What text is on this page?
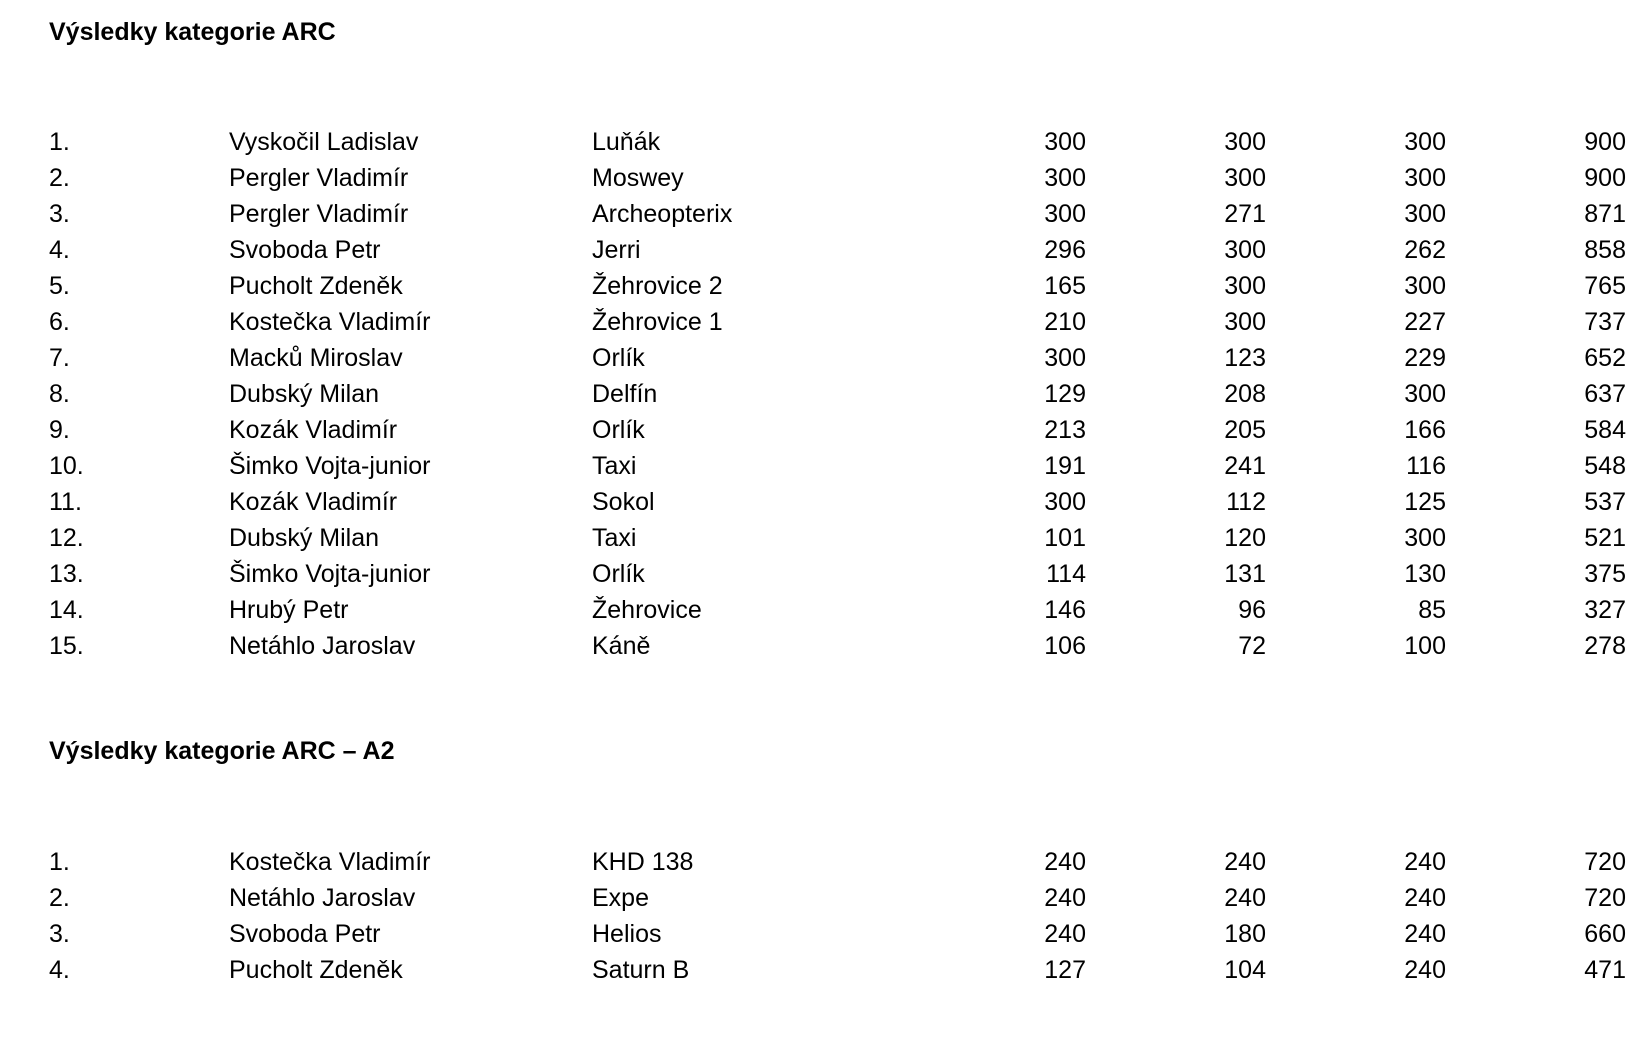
Výsledky kategorie ARC
1.	Vyskočil Ladislav	Luňák	300	300	300	900
2.	Pergler Vladimír	Moswey	300	300	300	900
3.	Pergler Vladimír	Archeopterix	300	271	300	871
4.	Svoboda Petr	Jerri	296	300	262	858
5.	Pucholt Zdeněk	Žehrovice 2	165	300	300	765
6.	Kostečka Vladimír	Žehrovice 1	210	300	227	737
7.	Macků Miroslav	Orlík	300	123	229	652
8.	Dubský Milan	Delfín	129	208	300	637
9.	Kozák Vladimír	Orlík	213	205	166	584
10.	Šimko Vojta-junior	Taxi	191	241	116	548
11.	Kozák Vladimír	Sokol	300	112	125	537
12.	Dubský Milan	Taxi	101	120	300	521
13.	Šimko Vojta-junior	Orlík	114	131	130	375
14.	Hrubý Petr	Žehrovice	146	96	85	327
15.	Netáhlo Jaroslav	Káně	106	72	100	278
Výsledky kategorie ARC – A2
1.	Kostečka Vladimír	KHD 138	240	240	240	720
2.	Netáhlo Jaroslav	Expe	240	240	240	720
3.	Svoboda Petr	Helios	240	180	240	660
4.	Pucholt Zdeněk	Saturn B	127	104	240	471
